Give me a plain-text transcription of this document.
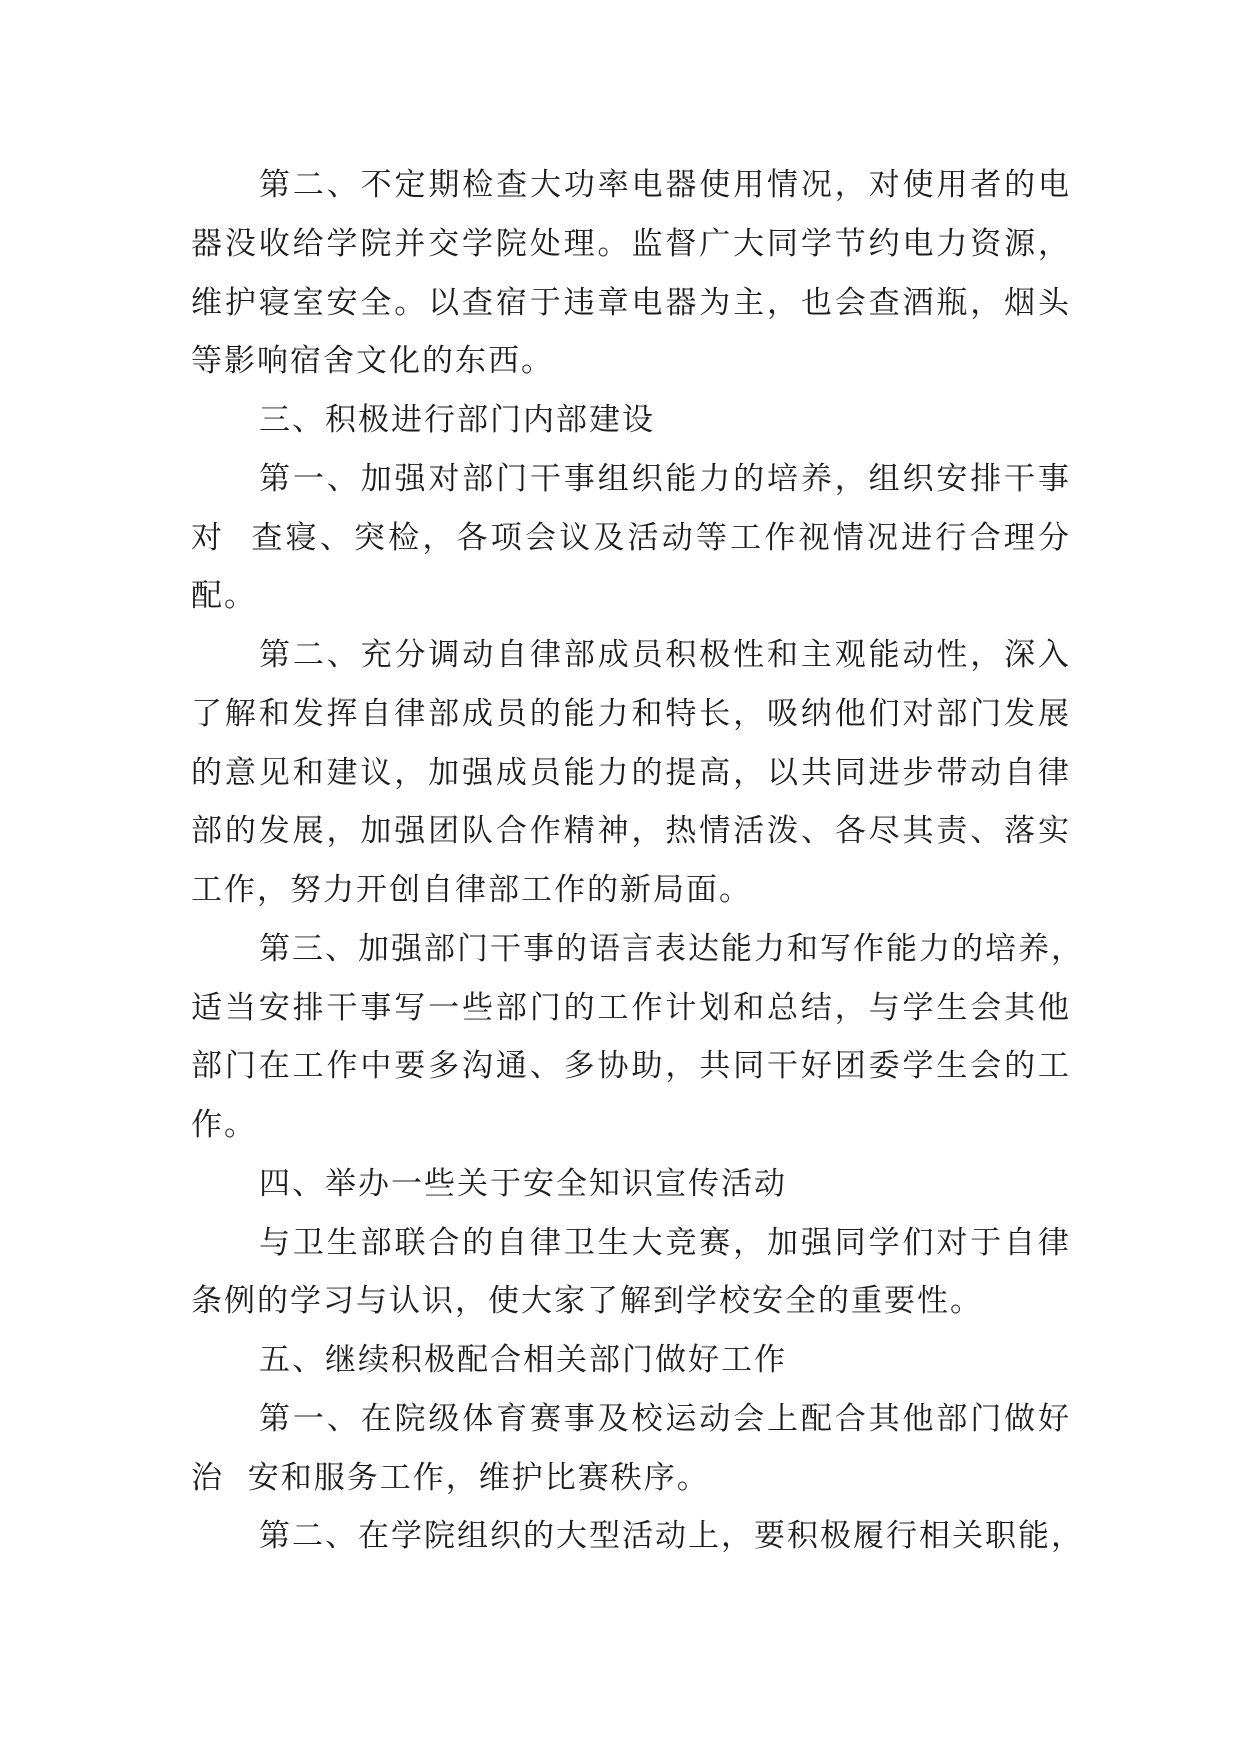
第二、不定期检查大功率电器使用情况，对使用者的电
器没收给学院并交学院处理。监督广大同学节约电力资源，
维护寝室安全。以查宿于违章电器为主，也会查酒瓶，烟头
等影响宿舍文化的东西。
三、积极进行部门内部建设
第一、加强对部门干事组织能力的培养，组织安排干事
对  查寝、突检，各项会议及活动等工作视情况进行合理分
配。
第二、充分调动自律部成员积极性和主观能动性，深入
了解和发挥自律部成员的能力和特长，吸纳他们对部门发展
的意见和建议，加强成员能力的提高，以共同进步带动自律
部的发展，加强团队合作精神，热情活泼、各尽其责、落实
工作，努力开创自律部工作的新局面。
第三、加强部门干事的语言表达能力和写作能力的培养，
适当安排干事写一些部门的工作计划和总结，与学生会其他
部门在工作中要多沟通、多协助，共同干好团委学生会的工
作。
四、举办一些关于安全知识宣传活动
与卫生部联合的自律卫生大竞赛，加强同学们对于自律
条例的学习与认识，使大家了解到学校安全的重要性。
五、继续积极配合相关部门做好工作
第一、在院级体育赛事及校运动会上配合其他部门做好
治  安和服务工作，维护比赛秩序。
第二、在学院组织的大型活动上，要积极履行相关职能，
